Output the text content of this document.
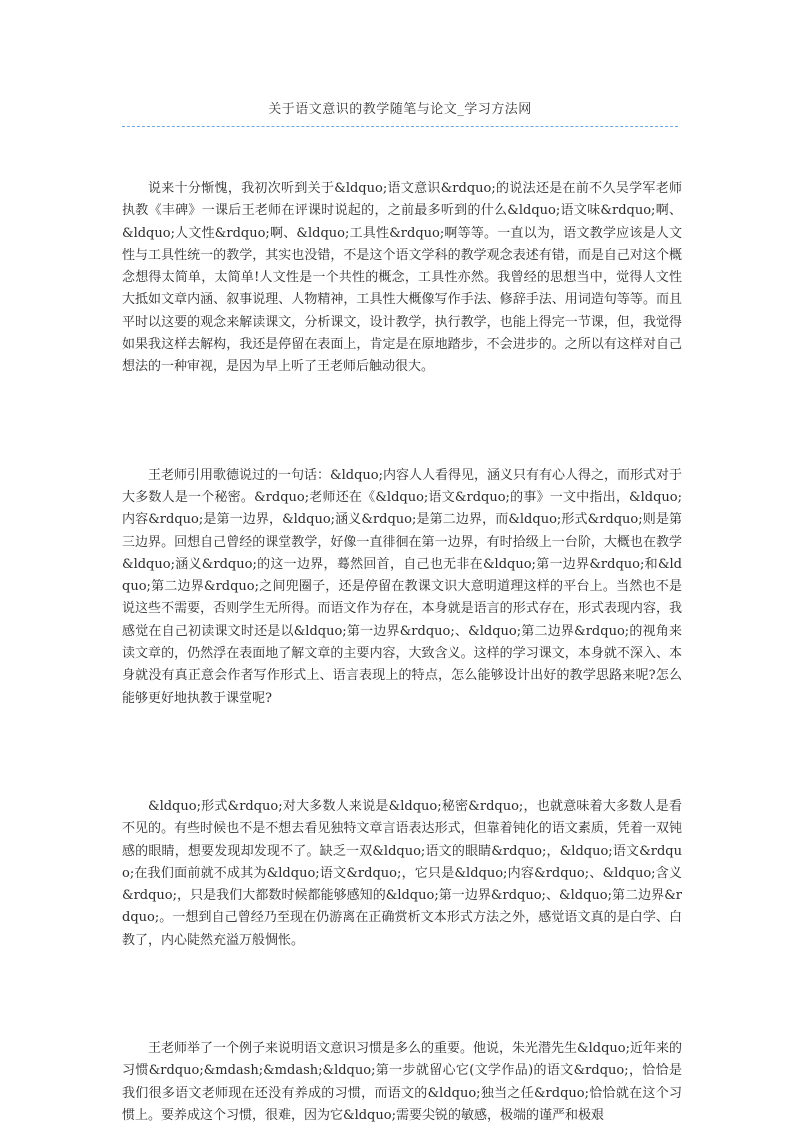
关于语文意识的教学随笔与论文_学习方法网

说来十分惭愧，我初次听到关于&ldquo;语文意识&rdquo;的说法还是在前不久吴学军老师执教《丰碑》一课后王老师在评课时说起的，之前最多听到的什么&ldquo;语文味&rdquo;啊、&ldquo;人文性&rdquo;啊、&ldquo;工具性&rdquo;啊等等。一直以为，语文教学应该是人文性与工具性统一的教学，其实也没错，不是这个语文学科的教学观念表述有错，而是自己对这个概念想得太简单，太简单!人文性是一个共性的概念，工具性亦然。我曾经的思想当中，觉得人文性大抵如文章内涵、叙事说理、人物精神，工具性大概像写作手法、修辞手法、用词造句等等。而且平时以这要的观念来解读课文，分析课文，设计教学，执行教学，也能上得完一节课，但，我觉得如果我这样去解构，我还是停留在表面上，肯定是在原地踏步，不会进步的。之所以有这样对自己想法的一种审视，是因为早上听了王老师后触动很大。

王老师引用歌德说过的一句话：&ldquo;内容人人看得见，涵义只有有心人得之，而形式对于大多数人是一个秘密。&rdquo;老师还在《&ldquo;语文&rdquo;的事》一文中指出，&ldquo;内容&rdquo;是第一边界，&ldquo;涵义&rdquo;是第二边界，而&ldquo;形式&rdquo;则是第三边界。回想自己曾经的课堂教学，好像一直徘徊在第一边界，有时拾级上一台阶，大概也在教学&ldquo;涵义&rdquo;的这一边界，蓦然回首，自己也无非在&ldquo;第一边界&rdquo;和&ldquo;第二边界&rdquo;之间兜圈子，还是停留在教课文识大意明道理这样的平台上。当然也不是说这些不需要，否则学生无所得。而语文作为存在，本身就是语言的形式存在，形式表现内容，我感觉在自己初读课文时还是以&ldquo;第一边界&rdquo;、&ldquo;第二边界&rdquo;的视角来读文章的，仍然浮在表面地了解文章的主要内容，大致含义。这样的学习课文，本身就不深入、本身就没有真正意会作者写作形式上、语言表现上的特点，怎么能够设计出好的教学思路来呢?怎么能够更好地执教于课堂呢?

&ldquo;形式&rdquo;对大多数人来说是&ldquo;秘密&rdquo;，也就意味着大多数人是看不见的。有些时候也不是不想去看见独特文章言语表达形式，但靠着钝化的语文素质，凭着一双钝感的眼睛，想要发现却发现不了。缺乏一双&ldquo;语文的眼睛&rdquo;，&ldquo;语文&rdquo;在我们面前就不成其为&ldquo;语文&rdquo;，它只是&ldquo;内容&rdquo;、&ldquo;含义&rdquo;，只是我们大都数时候都能够感知的&ldquo;第一边界&rdquo;、&ldquo;第二边界&rdquo;。一想到自己曾经乃至现在仍游离在正确赏析文本形式方法之外，感觉语文真的是白学、白教了，内心陡然充溢万般惆怅。

王老师举了一个例子来说明语文意识习惯是多么的重要。他说，朱光潜先生&ldquo;近年来的习惯&rdquo;&mdash;&mdash;&ldquo;第一步就留心它(文学作品)的语文&rdquo;，恰恰是我们很多语文老师现在还没有养成的习惯，而语文的&ldquo;独当之任&rdquo;恰恰就在这个习惯上。要养成这个习惯，很难，因为它&ldquo;需要尖锐的敏感，极端的谨严和极艰
